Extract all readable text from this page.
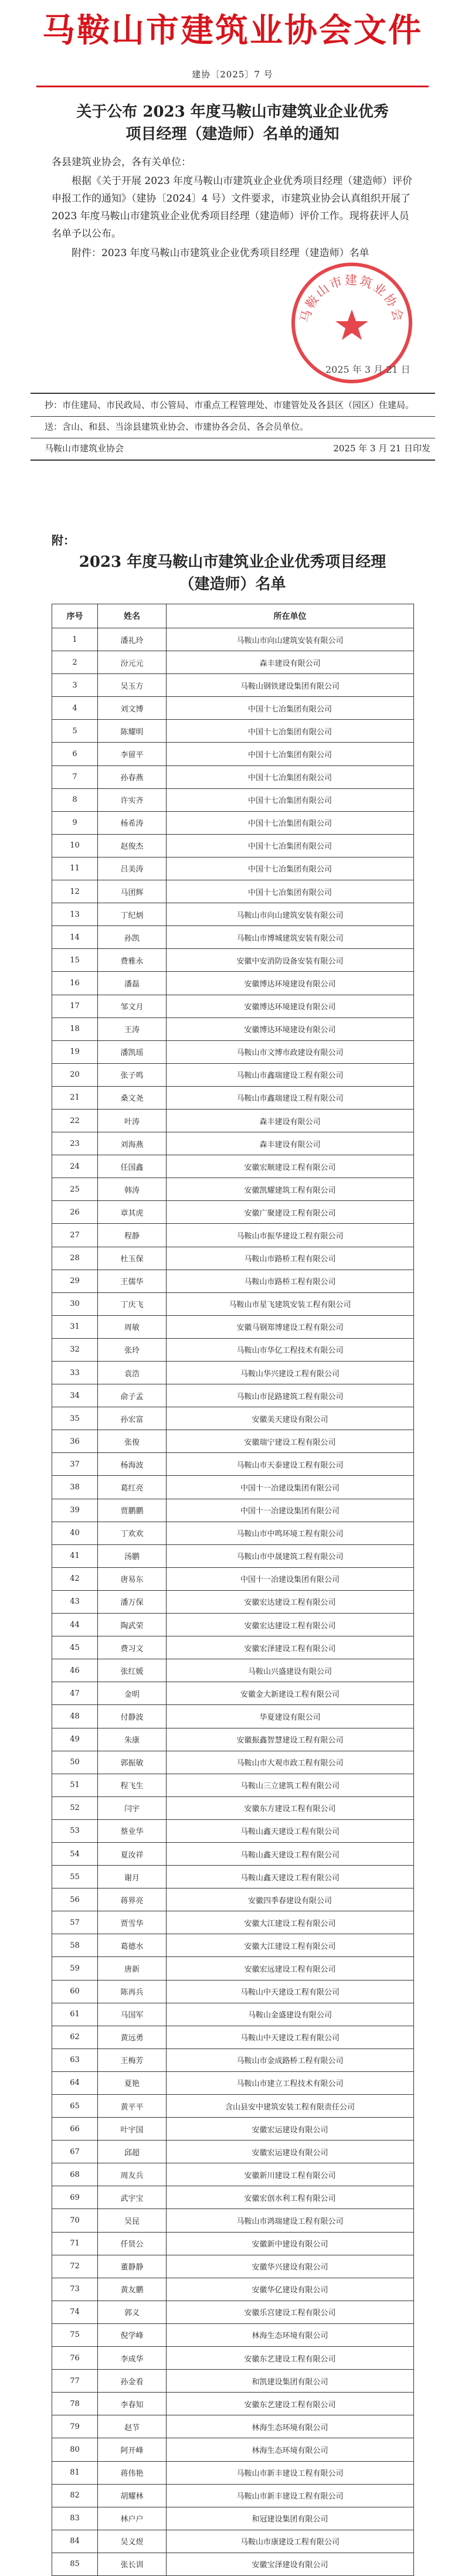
马鞍山市建筑业协会文件
建协〔2025〕7 号
关于公布 2023 年度马鞍山市建筑业企业优秀
项目经理（建造师）名单的通知
各县建筑业协会，各有关单位：
根据《关于开展 2023 年度马鞍山市建筑业企业优秀项目经理（建造师）评价申报工作的通知》（建协〔2024〕4 号）文件要求，市建筑业协会认真组织开展了 2023 年度马鞍山市建筑业企业优秀项目经理（建造师）评价工作。现将获评人员名单予以公布。
附件：2023 年度马鞍山市建筑业企业优秀项目经理（建造师）名单
马鞍山市建筑业协会
2025 年 3 月 21 日
抄：市住建局、市民政局、市公管局、市重点工程管理处、市建管处及各县区（园区）住建局。
送：含山、和县、当涂县建筑业协会、市建协各会员、各会员单位。
马鞍山市建筑业协会	2025 年 3 月 21 日印发
附：
2023 年度马鞍山市建筑业企业优秀项目经理
（建造师）名单
序号	姓名	所在单位
1	潘礼玲	马鞍山市向山建筑安装有限公司
2	汾元元	森丰建设有限公司
3	吴玉方	马鞍山钢铁建设集团有限公司
4	刘文博	中国十七冶集团有限公司
5	陈耀明	中国十七冶集团有限公司
6	李留平	中国十七冶集团有限公司
7	孙春燕	中国十七冶集团有限公司
8	许实齐	中国十七冶集团有限公司
9	杨希涛	中国十七冶集团有限公司
10	赵俊杰	中国十七冶集团有限公司
11	吕美涛	中国十七冶集团有限公司
12	马团辉	中国十七冶集团有限公司
13	丁纪炳	马鞍山市向山建筑安装有限公司
14	孙凯	马鞍山市博城建筑安装有限公司
15	费雅永	安徽中安消防设备安装有限公司
16	潘磊	安徽博达环境建设有限公司
17	邹文月	安徽博达环境建设有限公司
18	王涛	安徽博达环境建设有限公司
19	潘凯瑶	马鞍山市文博市政建设有限公司
20	张子鸣	马鞍山市鑫瑞建设工程有限公司
21	桑文尧	马鞍山市鑫瑞建设工程有限公司
22	叶涛	森丰建设有限公司
23	刘海燕	森丰建设有限公司
24	任国鑫	安徽宏顺建设工程有限公司
25	韩涛	安徽凯耀建筑工程有限公司
26	章其虎	安徽广聚建设工程有限公司
27	程静	马鞍山市振华建设工程有限公司
28	杜玉保	马鞍山市路桥工程有限公司
29	王儒华	马鞍山市路桥工程有限公司
30	丁庆飞	马鞍山市星飞建筑安装工程有限公司
31	周敏	安徽马钢郑博建设工程有限公司
32	张玲	马鞍山市华亿工程技术有限公司
33	袁浩	马鞍山华兴建设工程有限公司
34	俞子孟	马鞍山市昆路建筑工程有限公司
35	孙宏富	安徽美天建设有限公司
36	张俊	安徽瑞宁建设工程有限公司
37	杨海波	马鞍山市天泰建设工程有限公司
38	葛红亮	中国十一冶建设集团有限公司
39	贾鹏鹏	中国十一冶建设集团有限公司
40	丁欢欢	马鞍山市中鸣环境工程有限公司
41	汤鹏	马鞍山市中晟建筑工程有限公司
42	唐易东	中国十一冶建设集团有限公司
43	潘万保	安徽宏达建设工程有限公司
44	陶武荣	安徽宏达建设工程有限公司
45	费习文	安徽宏泽建设工程有限公司
46	张红媛	马鞍山兴盛建设有限公司
47	金明	安徽金大新建设工程有限公司
48	付静波	华夏建设有限公司
49	朱康	安徽振鑫智慧建设工程有限公司
50	郭振敏	马鞍山市大观市政工程有限公司
51	程飞生	马鞍山三立建筑工程有限公司
52	闫宇	安徽东方建设工程有限公司
53	蔡业华	马鞍山鑫天建设工程有限公司
54	夏汝祥	马鞍山鑫天建设工程有限公司
55	谢月	马鞍山鑫天建设工程有限公司
56	蒋界亮	安徽四季春建设有限公司
57	贾雪华	安徽大江建设工程有限公司
58	葛德水	安徽大江建设工程有限公司
59	唐新	安徽宏远建设工程有限公司
60	陈再兵	马鞍山中天建设工程有限公司
61	马国军	马鞍山金盛建设有限公司
62	黄远勇	马鞍山中天建设工程有限公司
63	王梅芳	马鞍山市金成路桥工程有限公司
64	夏艳	马鞍山市建立工程技术有限公司
65	黄平平	含山县安中建筑安装工程有限责任公司
66	叶宇国	安徽宏运建设有限公司
67	邱超	安徽宏运建设有限公司
68	周友兵	安徽新川建设工程有限公司
69	武宇宝	安徽宏创水利工程有限公司
70	吴昆	马鞍山市鸿瑞建设工程有限公司
71	仟贤公	安徽新中建设有限公司
72	董静静	安徽华兴建设有限公司
73	黄友鹏	安徽华亿建设有限公司
74	郭义	安徽乐宫建设工程有限公司
75	倪学峰	林海生态环境有限公司
76	李成华	安徽东艺建设工程有限公司
77	孙金看	和凯建设集团有限公司
78	李春知	安徽东艺建设工程有限公司
79	赵节	林海生态环境有限公司
80	阿开峰	林海生态环境有限公司
81	蒋伟艳	马鞍山市新丰建设工程有限公司
82	胡耀林	马鞍山市新丰建设工程有限公司
83	林户户	和冠建设集团有限公司
84	吴义煜	马鞍山市康建设工程有限公司
85	张长训	安徽宝泽建设有限公司
